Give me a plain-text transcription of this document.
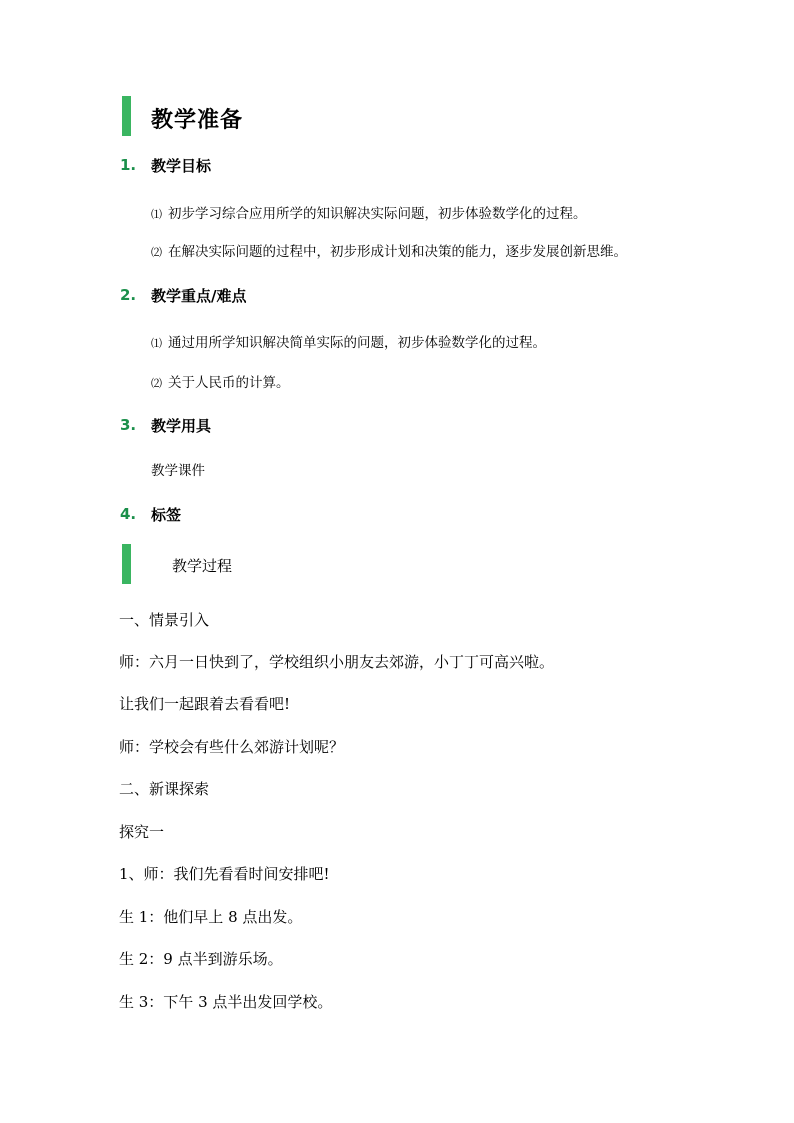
教学准备
1. 教学目标
⑴ 初步学习综合应用所学的知识解决实际问题，初步体验数学化的过程。
⑵ 在解决实际问题的过程中，初步形成计划和决策的能力，逐步发展创新思维。
2. 教学重点/难点
⑴ 通过用所学知识解决简单实际的问题，初步体验数学化的过程。
⑵ 关于人民币的计算。
3. 教学用具
教学课件
4. 标签
教学过程
一、情景引入
师：六月一日快到了，学校组织小朋友去郊游，小丁丁可高兴啦。
让我们一起跟着去看看吧!
师：学校会有些什么郊游计划呢？
二、新课探索
探究一
1、师：我们先看看时间安排吧!
生 1：他们早上 8 点出发。
生 2：9 点半到游乐场。
生 3：下午 3 点半出发回学校。
